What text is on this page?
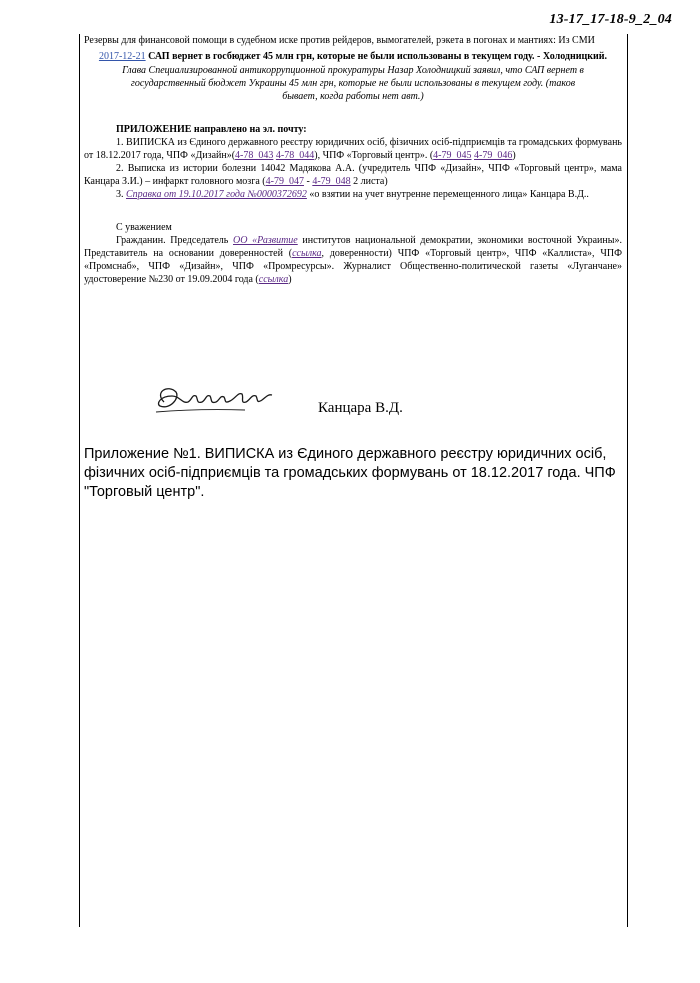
13-17_17-18-9_2_04

Резервы для финансовой помощи в судебном иске против рейдеров, вымогателей, рэкета в погонах и мантиях: Из СМИ

2017-12-21 САП вернет в госбюджет 45 млн грн, которые не были использованы в текущем году. - Холодницкий.

Глава Специализированной антикоррупционной прокуратуры Назар Холодницкий заявил, что САП вернет в государственный бюджет Украины 45 млн грн, которые не были использованы в текущем году. (таков бывает, когда работы нет авт.)

ПРИЛОЖЕНИЕ направлено на эл. почту:

1. ВИПИСКА из Єдиного державного реєстру юридичних осіб, фізичних осіб-підприємців та громадських формувань от 18.12.2017 года, ЧПФ «Дизайн»(4-78_043 4-78_044), ЧПФ «Торговый центр». (4-79_045 4-79_046)

2. Выписка из истории болезни 14042 Мадякова А.А. (учредитель ЧПФ «Дизайн», ЧПФ «Торговый центр», мама Канцара З.И.) – инфаркт головного мозга (4-79_047 - 4-79_048 2 листа)

3. Справка от 19.10.2017 года №0000372692 «о взятии на учет внутренне перемещенного лица» Канцара В.Д..

С уважением

Гражданин. Председатель ОО «Развитие институтов национальной демократии, экономики восточной Украины». Представитель на основании доверенностей (ссылка, доверенности) ЧПФ «Торговый центр», ЧПФ «Каллиста», ЧПФ «Промснаб», ЧПФ «Дизайн», ЧПФ «Промресурсы». Журналист Общественно-политической газеты «Луганчане» удостоверение №230 от 19.09.2004 года (ссылка)

Канцара В.Д.

Приложение №1. ВИПИСКА из Єдиного державного реєстру юридичних осіб, фізичних осіб-підприємців та громадських формувань от 18.12.2017 года. ЧПФ "Торговый центр".
